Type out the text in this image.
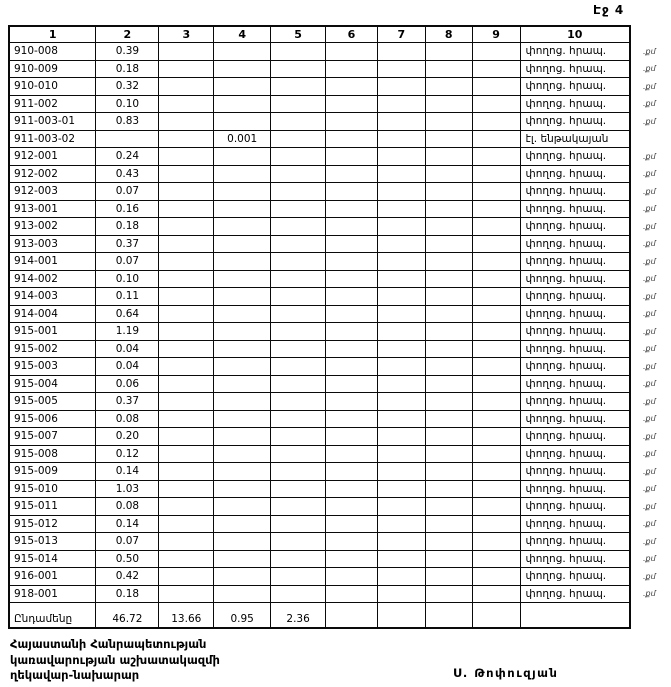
Էջ 4
1	2	3	4	5	6	7	8	9	10	
910-008	0.39								փողոց. հրապ.	.քմ
910-009	0.18								փողոց. հրապ.	.քմ
910-010	0.32								փողոց. հրապ.	.քմ
911-002	0.10								փողոց. հրապ.	.քմ
911-003-01	0.83								փողոց. հրապ.	.քմ
911-003-02			0.001						էլ. ենթակայան	
912-001	0.24								փողոց. հրապ.	.քմ
912-002	0.43								փողոց. հրապ.	.քմ
912-003	0.07								փողոց. հրապ.	.քմ
913-001	0.16								փողոց. հրապ.	.քմ
913-002	0.18								փողոց. հրապ.	.քմ
913-003	0.37								փողոց. հրապ.	.քմ
914-001	0.07								փողոց. հրապ.	.քմ
914-002	0.10								փողոց. հրապ.	.քմ
914-003	0.11								փողոց. հրապ.	.քմ
914-004	0.64								փողոց. հրապ.	.քմ
915-001	1.19								փողոց. հրապ.	.քմ
915-002	0.04								փողոց. հրապ.	.քմ
915-003	0.04								փողոց. հրապ.	.քմ
915-004	0.06								փողոց. հրապ.	.քմ
915-005	0.37								փողոց. հրապ.	.քմ
915-006	0.08								փողոց. հրապ.	.քմ
915-007	0.20								փողոց. հրապ.	.քմ
915-008	0.12								փողոց. հրապ.	.քմ
915-009	0.14								փողոց. հրապ.	.քմ
915-010	1.03								փողոց. հրապ.	.քմ
915-011	0.08								փողոց. հրապ.	.քմ
915-012	0.14								փողոց. հրապ.	.քմ
915-013	0.07								փողոց. հրապ.	.քմ
915-014	0.50								փողոց. հրապ.	.քմ
916-001	0.42								փողոց. հրապ.	.քմ
918-001	0.18								փողոց. հրապ.	.քմ
Ընդամենը	46.72	13.66	0.95	2.36						
Հայաստանի Հանրապետության
կառավարության աշխատակազմի
ղեկավար-նախարար	Ս. Թոփուզյան
